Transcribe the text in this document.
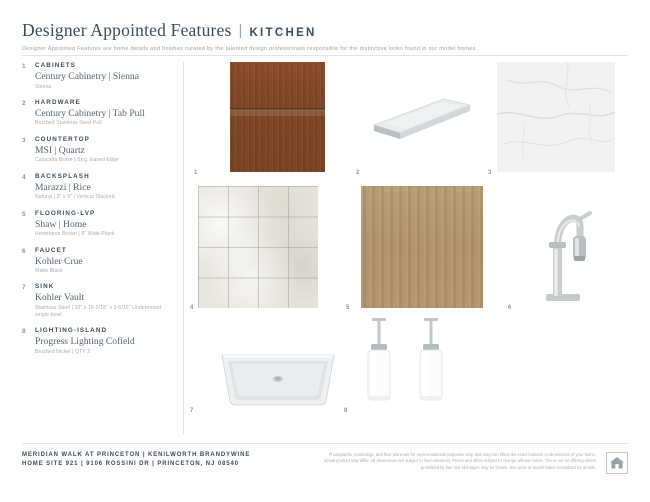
Designer Appointed Features | KITCHEN
Designer Appointed Features are home details and finishes curated by the talented design professionals responsible for the distinctive looks found in our model homes.
1 CABINETS
Century Cabinetry | Sienna
Sienna
2 HARDWARE
Century Cabinetry | Tab Pull
Brushed Stainless Steel Pull
3 COUNTERTOP
MSI | Quartz
Calacatta Brave | Strg. Eased Edge
4 BACKSPLASH
Marazzi | Rice
Natural | 3" x 9" | Vertical Stacked
5 FLOORING-LVP
Shaw | Home
Homespun Brown | 9" Wide Plank
6 FAUCET
Kohler Crue
Matte Black
7 SINK
Kohler Vault
Stainless Steel | 32" x 18-5/16" x 9-5/16" Undermount single-bowl
8 LIGHTING-ISLAND
Progress Lighting Cofield
Brushed Nickel | QTY 2
1	2	3
4	5	6
7	8
MERIDIAN WALK AT PRINCETON | KENILWORTH BRANDYWINE
HOME SITE 921 | 9106 ROSSINI DR | PRINCETON, NJ 08540
Photographs, renderings, and floor plans are for representational purposes only, and may not reflect the exact features or dimensions of your home, actual product may differ. All dimensions are subject to field variations. Prices and offers subject to change without notice. This is not an offering where prohibited by law. Not all images may be shown. See price or model Sales Consultant for details.
